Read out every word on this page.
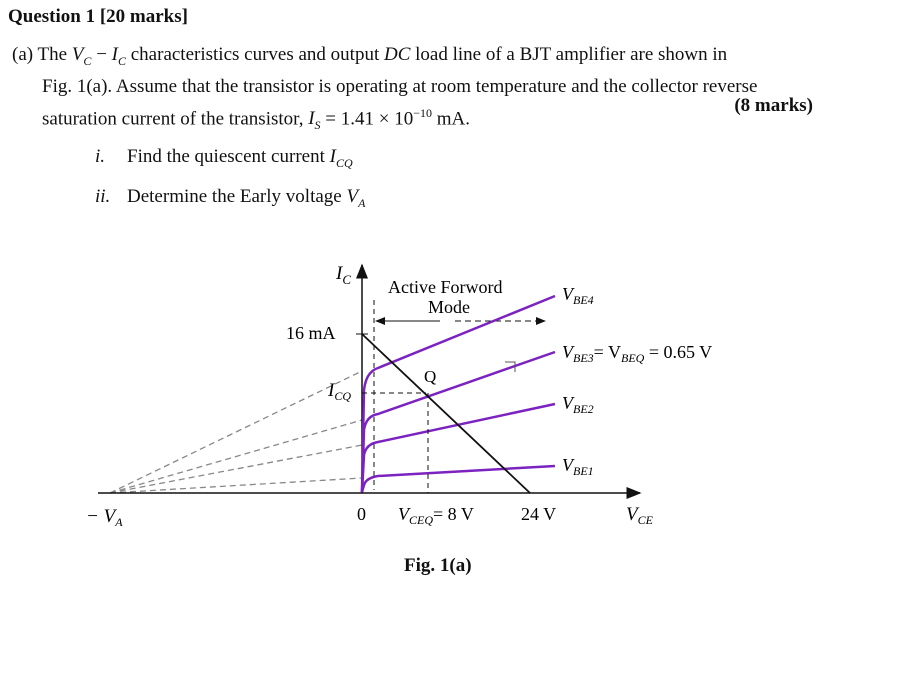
Question 1 [20 marks]
(a) The $V_C - I_C$ characteristics curves and output DC load line of a BJT amplifier are shown in
Fig. 1(a). Assume that the transistor is operating at room temperature and the collector reverse
saturation current of the transistor, $I_S = 1.41 \times 10^{-10}$ mA.
(8 marks)
i. Find the quiescent current $I_{CQ}$
ii. Determine the Early voltage $V_A$
$I_C$ Active Forword
Mode
16 mA
$I_{CQ}$
Q
0 $V_{CEQ}= 8$ V	24 V	$V_{CE}$
− $V_A$
$V_{BE4}$
$V_{BE3}= V_{BEQ} = 0.65$ V
$V_{BE2}$
$V_{BE1}$
Fig. 1(a)
